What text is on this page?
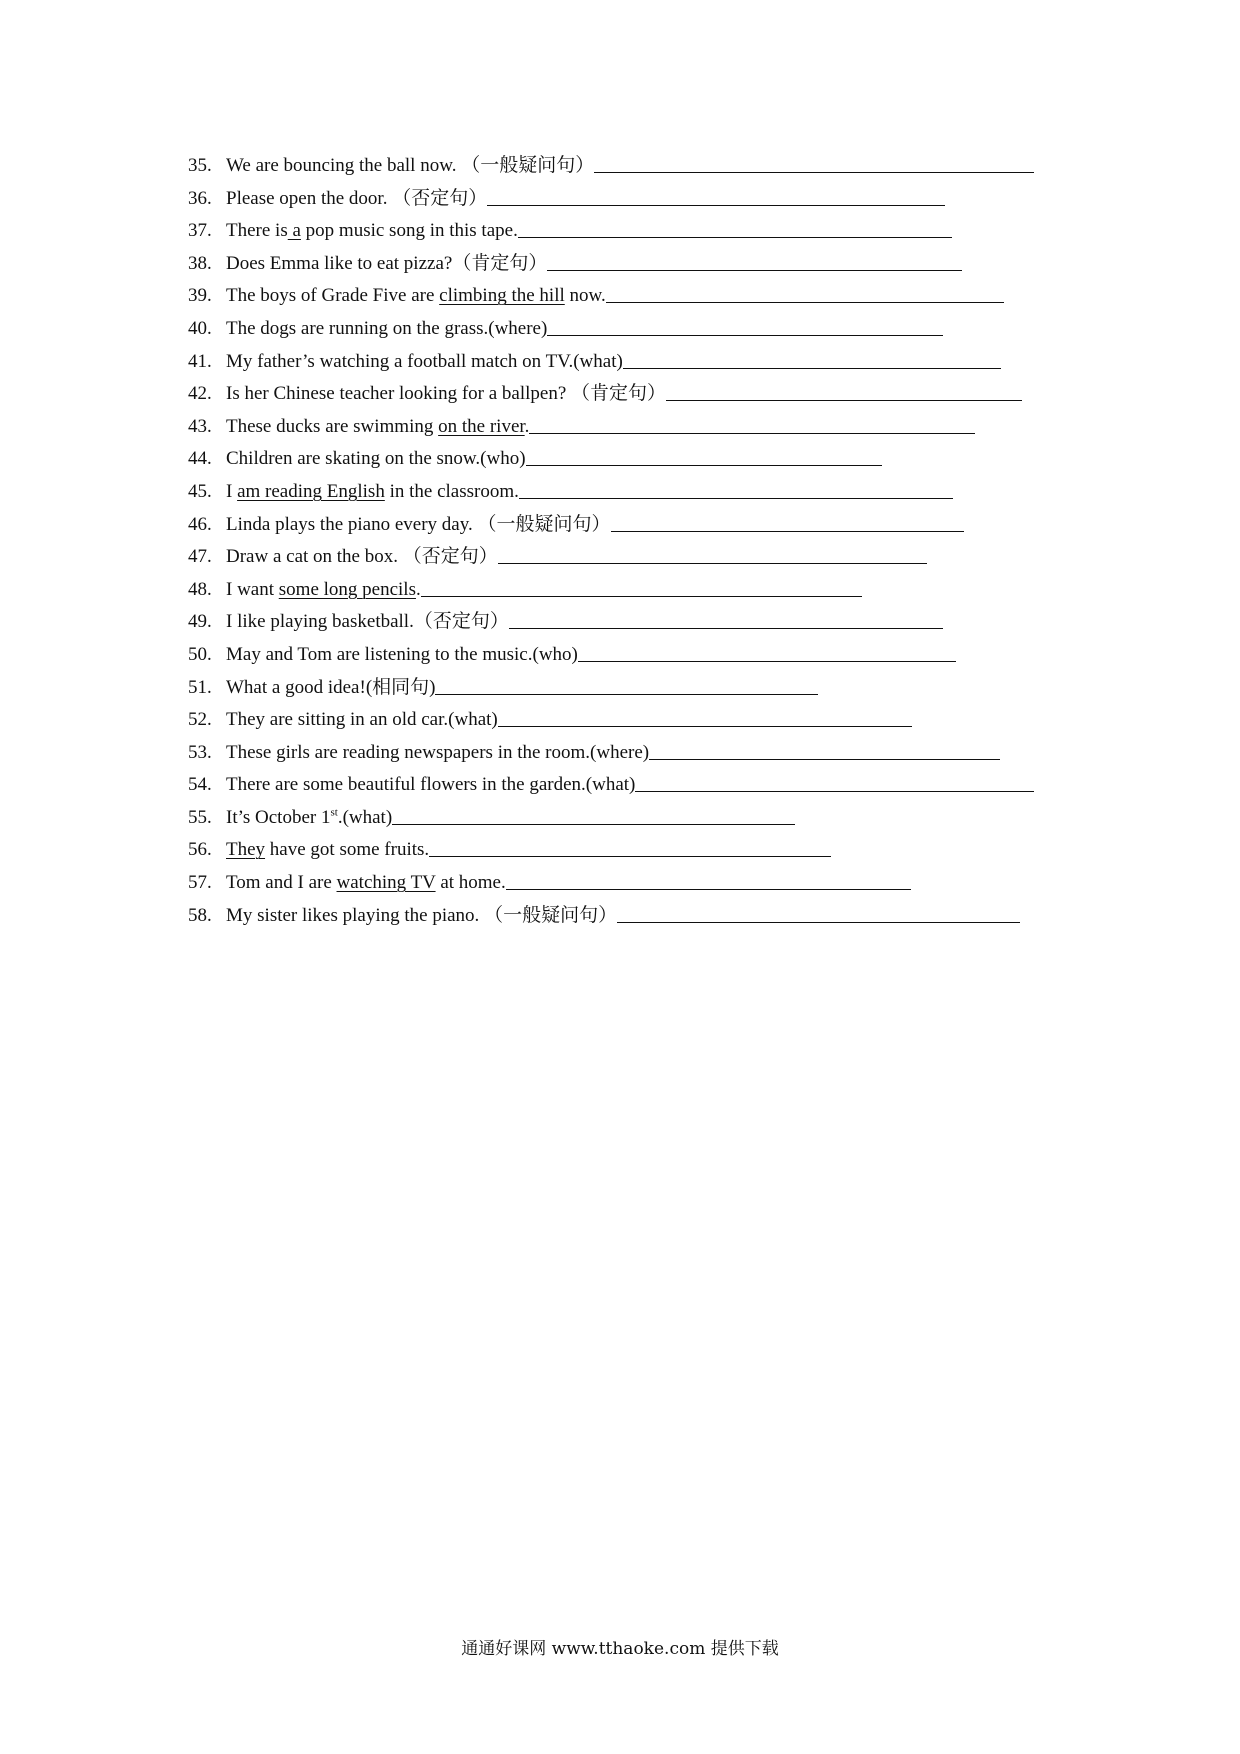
35. We are bouncing the ball now.
（一般疑问句）
36. Please open the door.
（否定句）
37. There is a pop music song in this tape.
38. Does Emma like to eat pizza? （肯定句）
39. The boys of Grade Five are climbing the hill now.
40. The dogs are running on the grass. (where)
41. My father’s watching a football match on TV. (what)
42. Is her Chinese teacher looking for a ballpen?
（肯定句）
43. These ducks are swimming on the river.
44. Children are skating on the snow. (who)
45. I am reading English in the classroom.
46. Linda plays the piano every day.
（一般疑问句）
47. Draw a cat on the box.
（否定句）
48. I want some long pencils.
49. I like playing basketball. （否定句）
50. May and Tom are listening to the music. (who)
51. What a good idea! (相同句)
52. They are sitting in an old car. (what)
53. These girls are reading newspapers in the room. (where)
54. There are some beautiful flowers in the garden. (what)
55. It’s October 1st. (what)
56. They have got some fruits.
57. Tom and I are watching TV at home.
58. My sister likes playing the piano.
（一般疑问句）
通通好课网 www.tthaoke.com 提供下载
